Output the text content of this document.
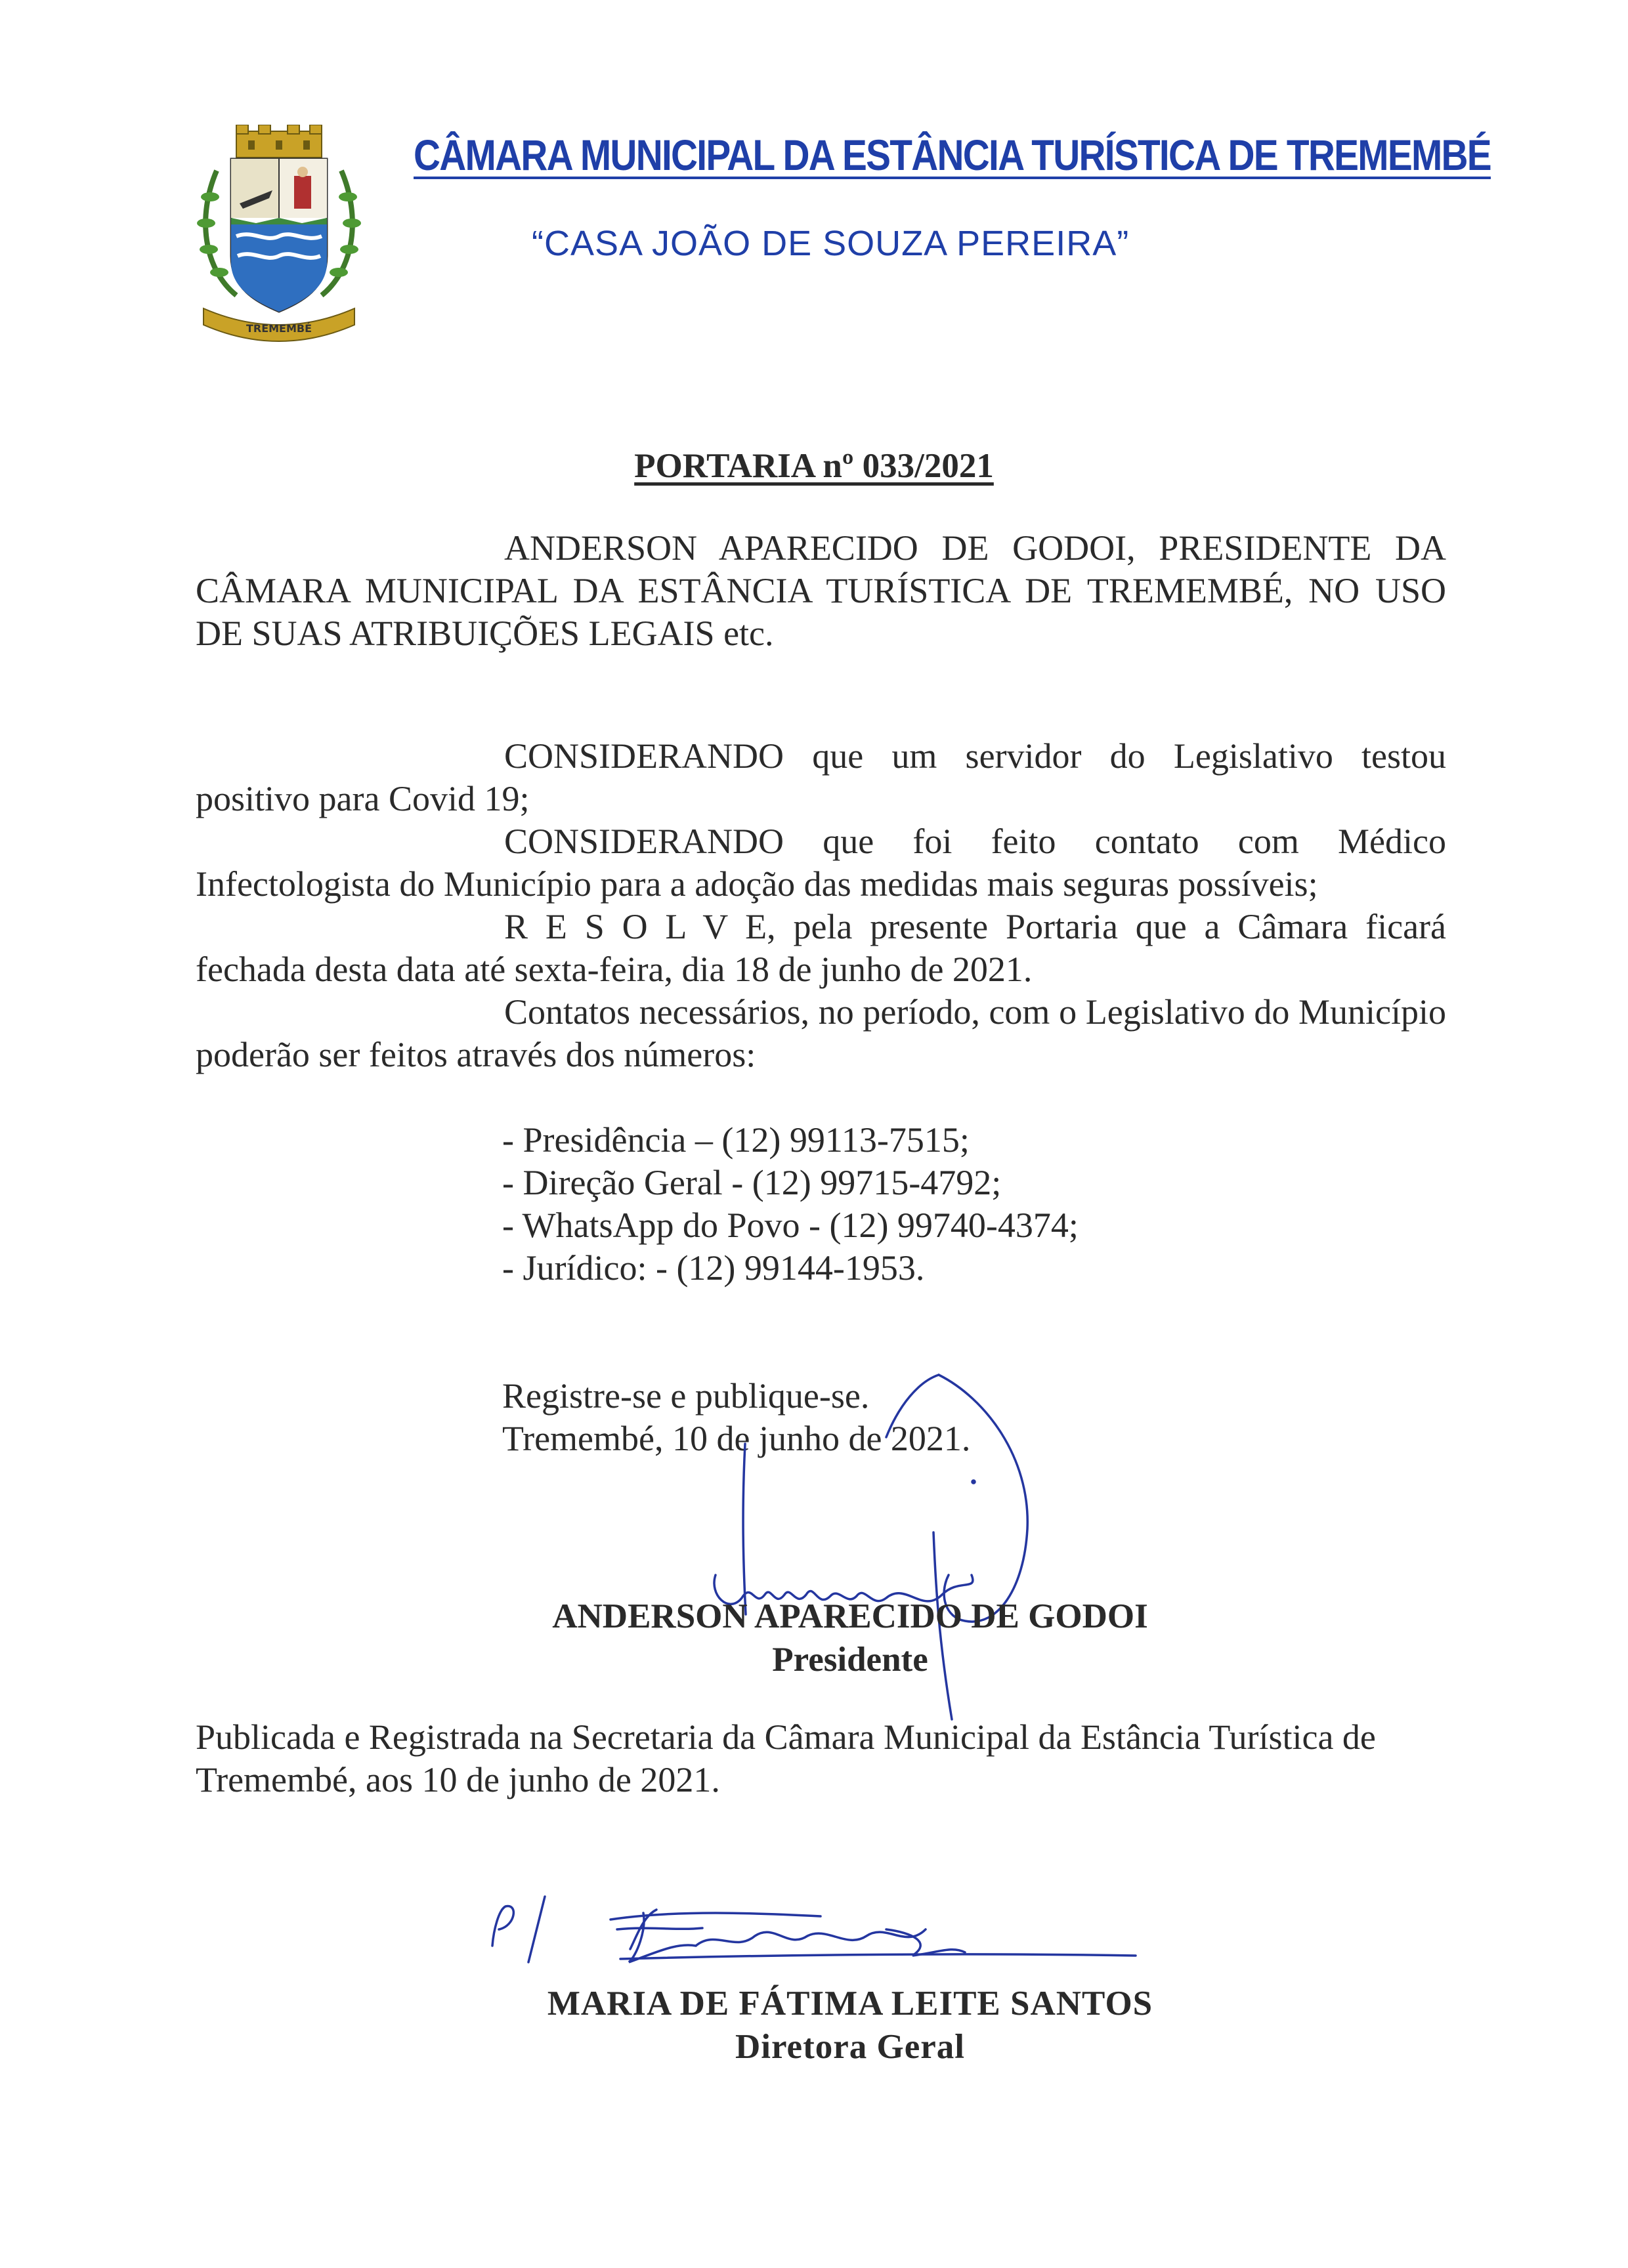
TREMEMBÉ
CÂMARA MUNICIPAL DA ESTÂNCIA TURÍSTICA DE TREMEMBÉ
“CASA JOÃO DE SOUZA PEREIRA”
PORTARIA nº 033/2021
ANDERSON APARECIDO DE GODOI, PRESIDENTE DA CÂMARA MUNICIPAL DA ESTÂNCIA TURÍSTICA DE TREMEMBÉ, NO USO DE SUAS ATRIBUIÇÕES LEGAIS etc.
CONSIDERANDO que um servidor do Legislativo testou positivo para Covid 19;
CONSIDERANDO que foi feito contato com Médico Infectologista do Município para a adoção das medidas mais seguras possíveis;
R E S O L V E, pela presente Portaria que a Câmara ficará fechada desta data até sexta-feira, dia 18 de junho de 2021.
Contatos necessários, no período, com o Legislativo do Município poderão ser feitos através dos números:
- Presidência – (12) 99113-7515;
- Direção Geral - (12) 99715-4792;
- WhatsApp do Povo - (12) 99740-4374;
- Jurídico: - (12) 99144-1953.
Registre-se e publique-se.
Tremembé, 10 de junho de 2021.
ANDERSON APARECIDO DE GODOI
Presidente
Publicada e Registrada na Secretaria da Câmara Municipal da Estância Turística de Tremembé, aos 10 de junho de 2021.
MARIA DE FÁTIMA LEITE SANTOS
Diretora Geral
